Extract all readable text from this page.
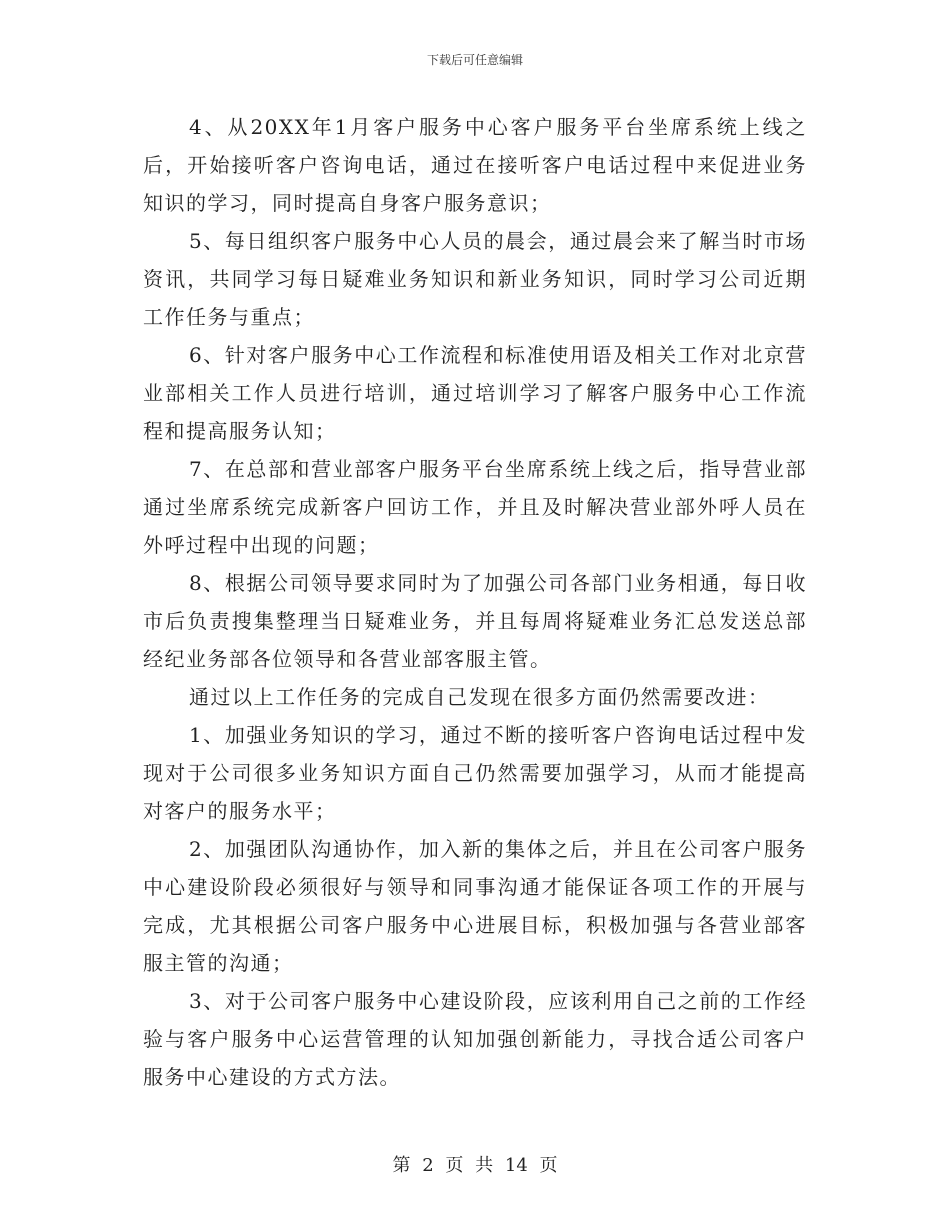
下载后可任意编辑

4、从20XX年1月客户服务中心客户服务平台坐席系统上线之后，开始接听客户咨询电话，通过在接听客户电话过程中来促进业务知识的学习，同时提高自身客户服务意识；

5、每日组织客户服务中心人员的晨会，通过晨会来了解当时市场资讯，共同学习每日疑难业务知识和新业务知识，同时学习公司近期工作任务与重点；

6、针对客户服务中心工作流程和标准使用语及相关工作对北京营业部相关工作人员进行培训，通过培训学习了解客户服务中心工作流程和提高服务认知；

7、在总部和营业部客户服务平台坐席系统上线之后，指导营业部通过坐席系统完成新客户回访工作，并且及时解决营业部外呼人员在外呼过程中出现的问题；

8、根据公司领导要求同时为了加强公司各部门业务相通，每日收市后负责搜集整理当日疑难业务，并且每周将疑难业务汇总发送总部经纪业务部各位领导和各营业部客服主管。

通过以上工作任务的完成自己发现在很多方面仍然需要改进：

1、加强业务知识的学习，通过不断的接听客户咨询电话过程中发现对于公司很多业务知识方面自己仍然需要加强学习，从而才能提高对客户的服务水平；

2、加强团队沟通协作，加入新的集体之后，并且在公司客户服务中心建设阶段必须很好与领导和同事沟通才能保证各项工作的开展与完成，尤其根据公司客户服务中心进展目标，积极加强与各营业部客服主管的沟通；

3、对于公司客户服务中心建设阶段，应该利用自己之前的工作经验与客户服务中心运营管理的认知加强创新能力，寻找合适公司客户服务中心建设的方式方法。

第 2 页 共 14 页
